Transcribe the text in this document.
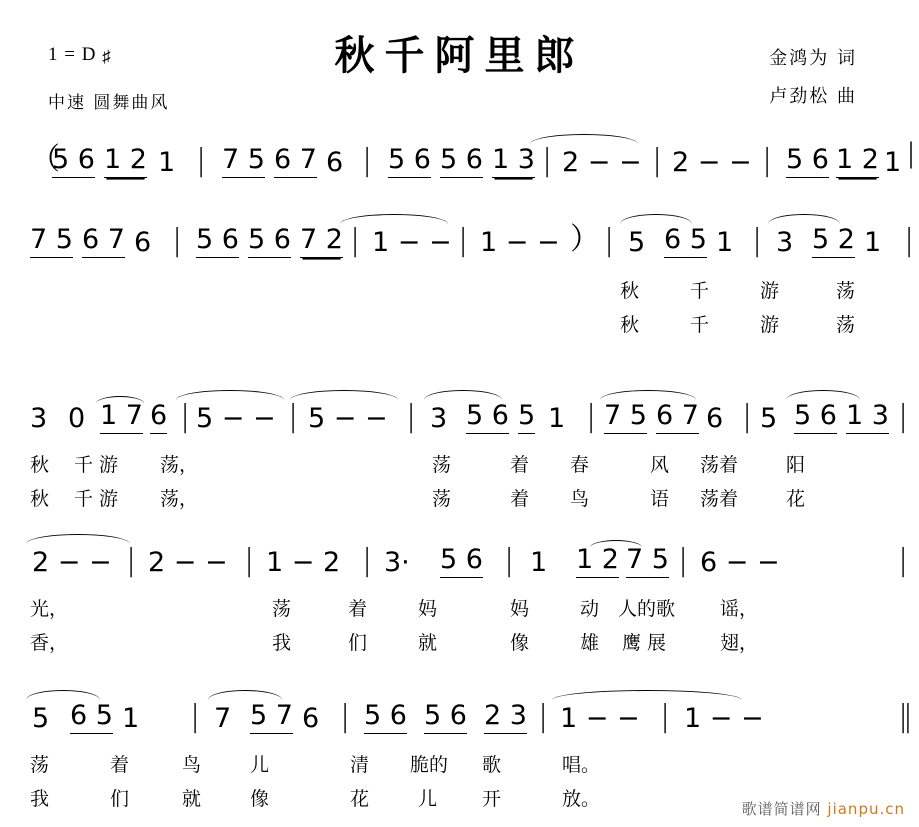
1 = D ♯
中速 圆舞曲风
秋千阿里郎	金鸿为 词
卢劲松 曲
（
5 6 1 2 1 | 7 5 6 7 6 | 5 6 5 6 1 3 | 2 − − | 2 − − | 5 6 1 2 1 |
7 5 6 7 6 | 5 6 5 6 7 2 | 1 − − | 1 − − ） | 5 6 5 1 | 3 5 2 1 |
秋	千	游	荡
秋	千	游	荡
3 0 1 7 6 | 5 − − | 5 − − | 3 5 6 5 1 | 7 5 6 7 6 | 5 5 6 1 3 |
秋 千 游 荡，	荡	着 春	风 荡着	阳
秋 千 游 荡，	荡	着 鸟	语 荡着	花
2 − − | 2 − − | 1 − 2 | 3· 5 6 | 1 1 2 7 5 | 6 − −	|
光，	荡	着	妈	妈	动 人的歌 谣，
香，	我	们	就	像	雄 鹰 展	翅，
5 6 5 1 | 7 5 7 6 | 5 6 5 6 2 3 | 1 − − | 1 − −	‖
荡	着	鸟	儿	清 脆的 歌	唱。
我	们	就	像	花	儿 开	放。	歌谱简谱网 jianpu.cn
